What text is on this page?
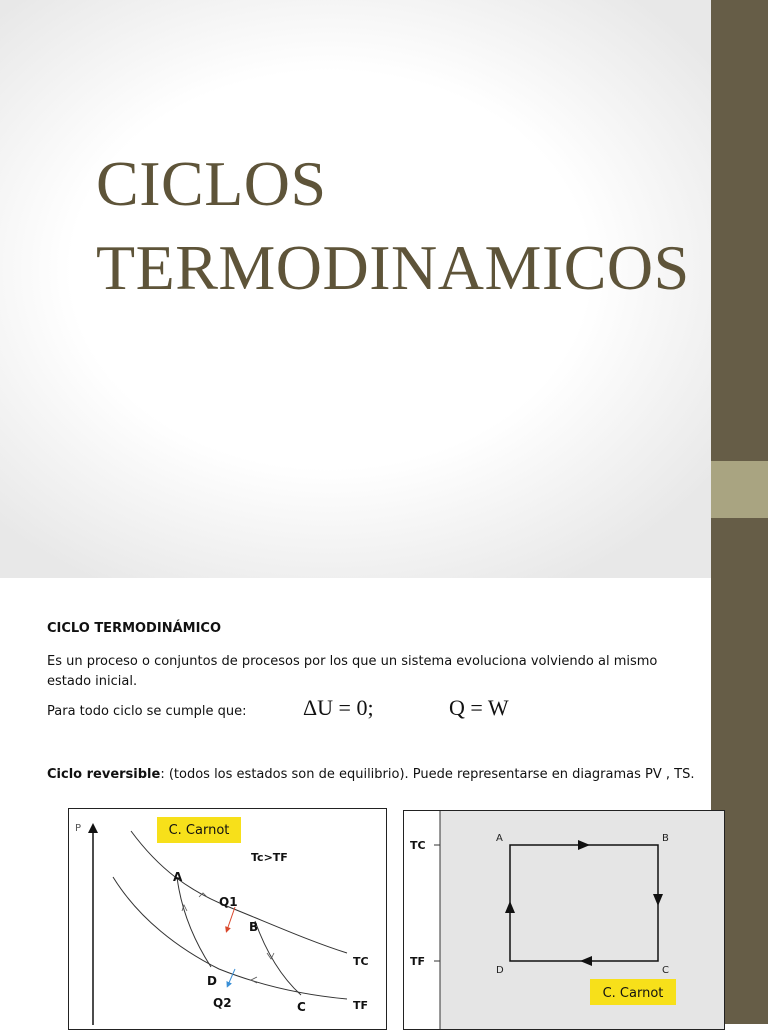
CICLOS
TERMODINAMICOS
CICLO TERMODINÁMICO
Es un proceso o conjuntos de procesos por los que un sistema evoluciona volviendo al mismo estado inicial.
Para todo ciclo se cumple que:	ΔU = 0;	Q = W
Ciclo reversible: (todos los estados son de equilibrio). Puede representarse en diagramas PV , TS.
P	C. Carnot
Tc>TF
A
B
C
D
Q1
Q2
TC
TF
TC
TF
A	B
C
D
C. Carnot
